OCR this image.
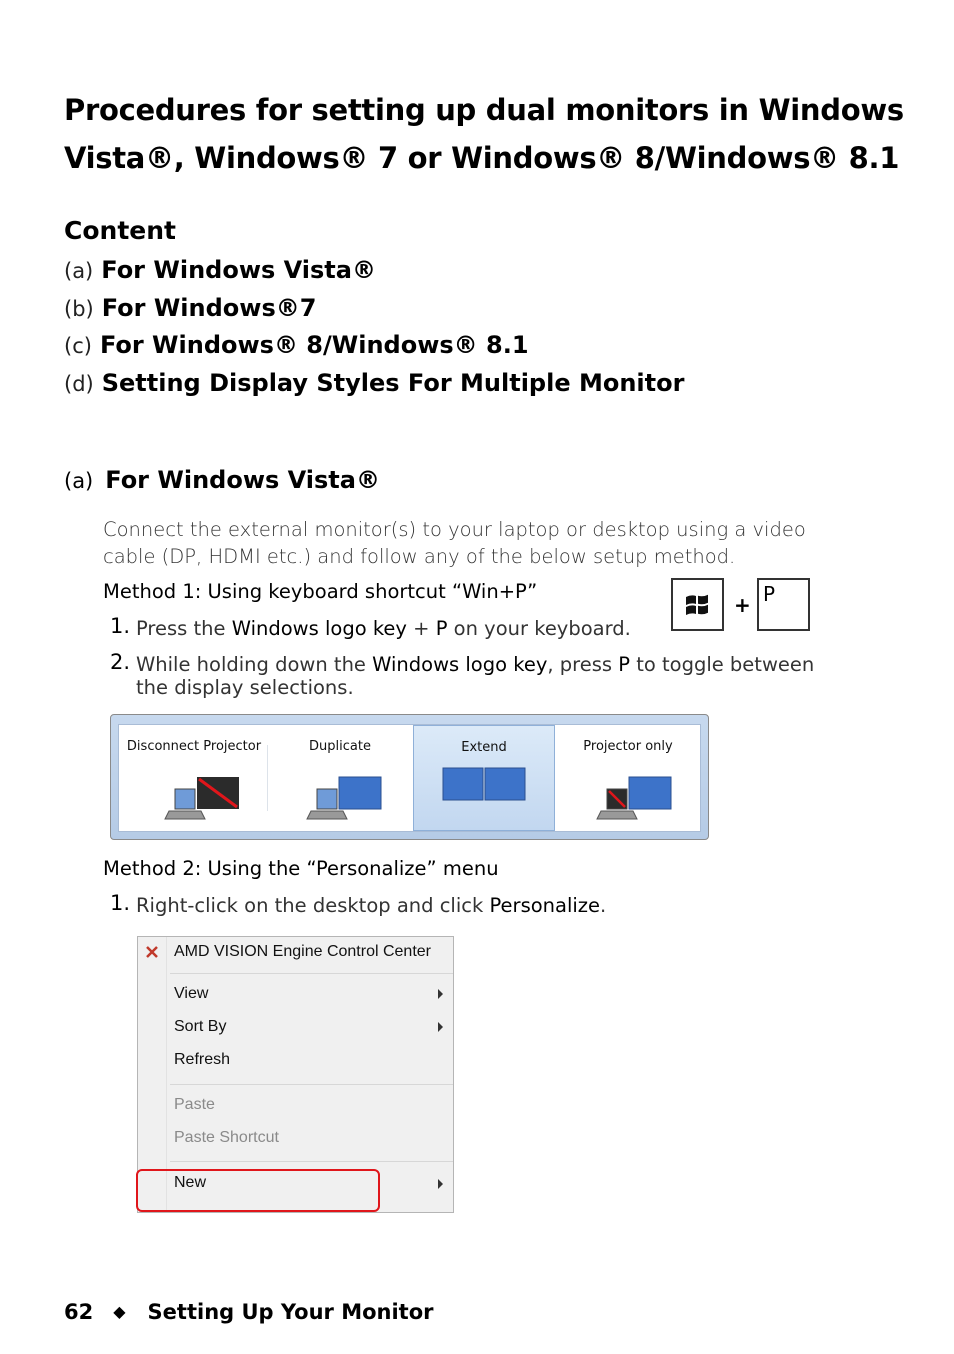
Procedures for setting up dual monitors in Windows
Vista®, Windows® 7 or Windows® 8/Windows® 8.1
Content
(a) For Windows Vista®
(b) For Windows®7
(c) For Windows® 8/Windows® 8.1
(d) Setting Display Styles For Multiple Monitor
(a) For Windows Vista®
Connect the external monitor(s) to your laptop or desktop using a video cable (DP, HDMI etc.) and follow any of the below setup method.
Method 1: Using keyboard shortcut “Win+P”
+ P
1. Press the Windows logo key + P on your keyboard.
2. While holding down the Windows logo key, press P to toggle between the display selections.
Disconnect Projector	Duplicate	Extend	Projector only
Method 2: Using the “Personalize” menu
1. Right-click on the desktop and click Personalize.
AMD VISION Engine Control Center
View
Sort By
Refresh
Paste
Paste Shortcut
New
62 ◆ Setting Up Your Monitor
